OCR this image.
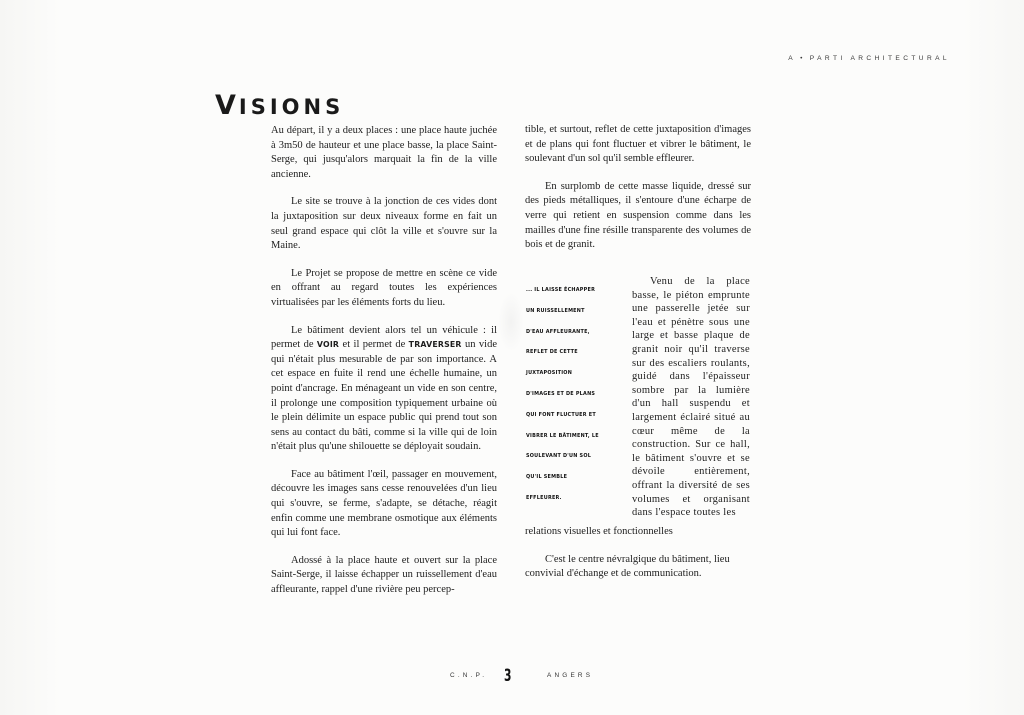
A • PARTI ARCHITECTURAL
VISIONS

Au départ, il y a deux places : une place haute juchée à 3m50 de hauteur et une place basse, la place Saint-Serge, qui jusqu'alors marquait la fin de la ville ancienne.

Le site se trouve à la jonction de ces vides dont la juxtaposition sur deux niveaux forme en fait un seul grand espace qui clôt la ville et s'ouvre sur la Maine.

Le Projet se propose de mettre en scène ce vide en offrant au regard toutes les expériences virtualisées par les éléments forts du lieu.

Le bâtiment devient alors tel un véhicule : il permet de VOIR et il permet de TRAVERSER un vide qui n'était plus mesurable de par son importance. A cet espace en fuite il rend une échelle humaine, un point d'ancrage. En ménageant un vide en son centre, il prolonge une composition typiquement urbaine où le plein délimite un espace public qui prend tout son sens au contact du bâti, comme si la ville qui de loin n'était plus qu'une shilouette se déployait soudain.

Face au bâtiment l'œil, passager en mouvement, découvre les images sans cesse renouvelées d'un lieu qui s'ouvre, se ferme, s'adapte, se détache, réagit enfin comme une membrane osmotique aux éléments qui lui font face.

Adossé à la place haute et ouvert sur la place Saint-Serge, il laisse échapper un ruissellement d'eau affleurante, rappel d'une rivière peu percep-

tible, et surtout, reflet de cette juxtaposition d'images et de plans qui font fluctuer et vibrer le bâtiment, le soulevant d'un sol qu'il semble effleurer.

En surplomb de cette masse liquide, dressé sur des pieds métalliques, il s'entoure d'une écharpe de verre qui retient en suspension comme dans les mailles d'une fine résille transparente des volumes de bois et de granit.

... IL LAISSE ÉCHAPPER
UN RUISSELLEMENT
D'EAU AFFLEURANTE,
REFLET DE CETTE
JUXTAPOSITION
D'IMAGES ET DE PLANS
QUI FONT FLUCTUER ET
VIBRER LE BÂTIMENT, LE
SOULEVANT D'UN SOL
QU'IL SEMBLE
EFFLEURER.
Venu de la place basse, le piéton emprunte une passerelle jetée sur l'eau et pénètre sous une large et basse plaque de granit noir qu'il traverse sur des escaliers roulants, guidé dans l'épaisseur sombre par la lumière d'un hall suspendu et largement éclairé situé au cœur même de la construction. Sur ce hall, le bâtiment s'ouvre et se dévoile entièrement, offrant la diversité de ses volumes et organisant dans l'espace toutes les

relations visuelles et fonctionnelles

C'est le centre névralgique du bâtiment, lieu convivial d'échange et de communication.

C.N.P. 3	ANGERS
